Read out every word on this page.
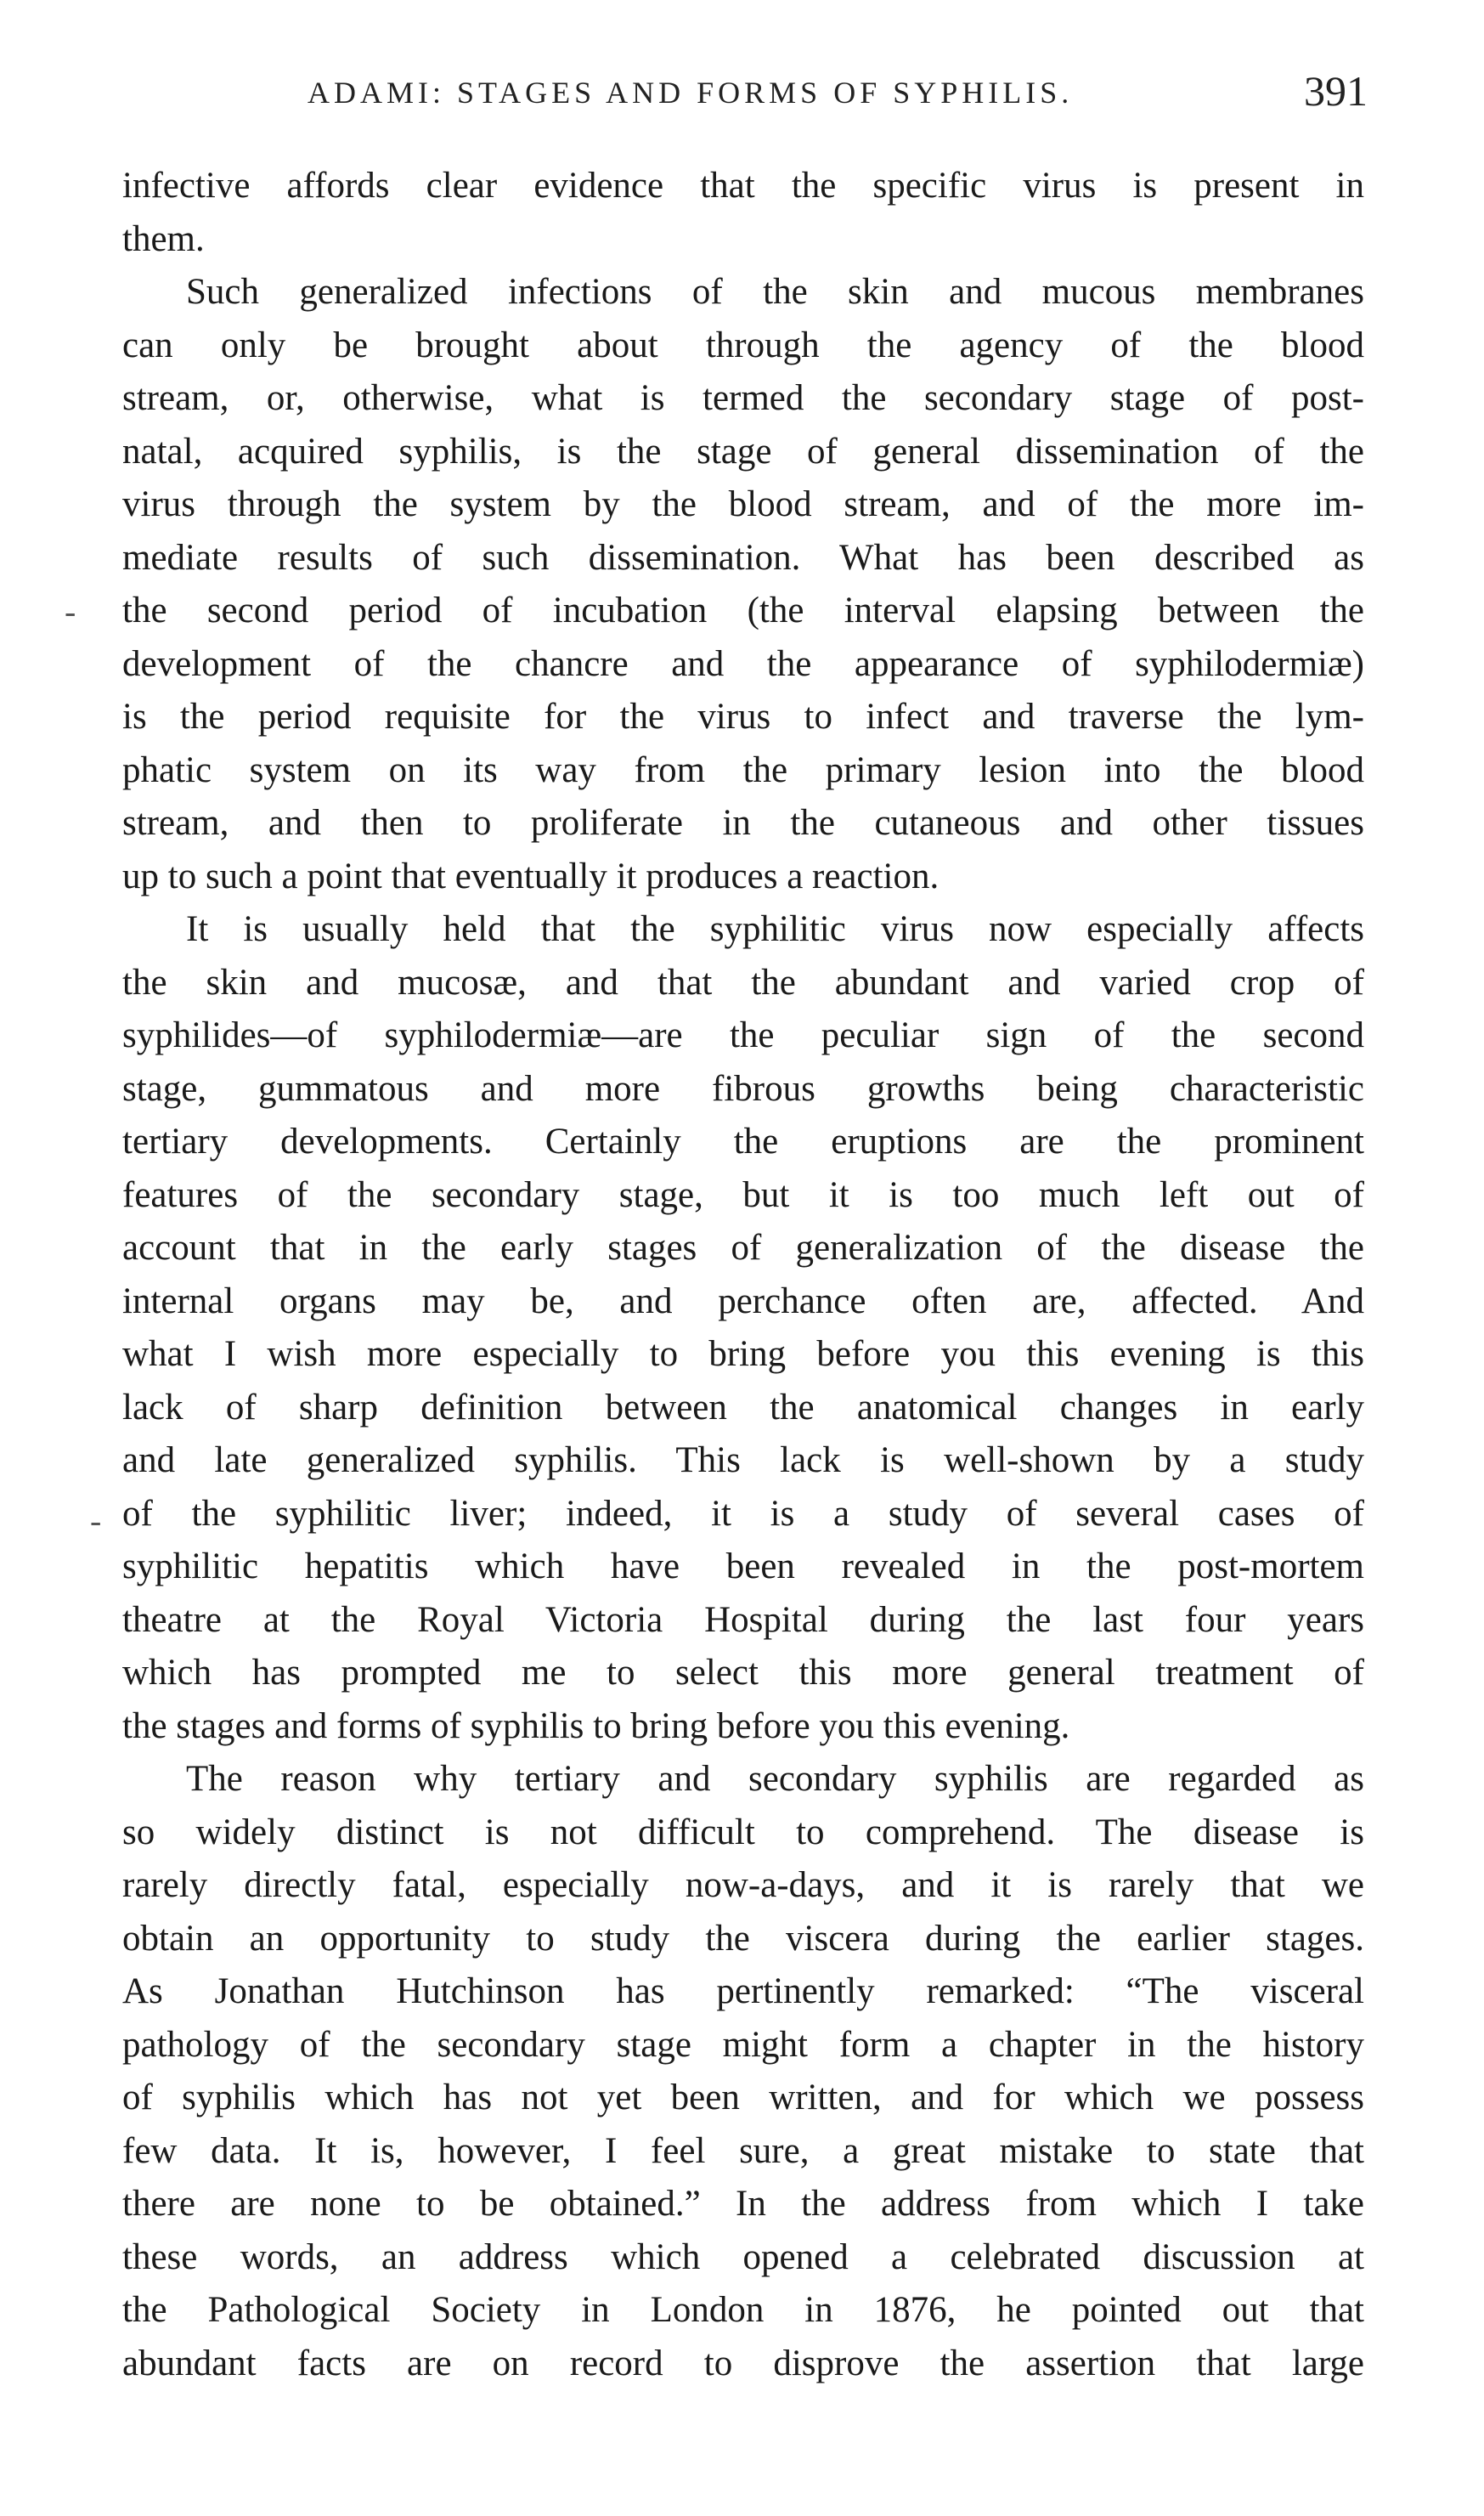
ADAMI: STAGES AND FORMS OF SYPHILIS.	391
-
-
infective affords clear evidence that the specific virus is present in
them.
Such generalized infections of the skin and mucous membranes
can only be brought about through the agency of the blood
stream, or, otherwise, what is termed the secondary stage of post-
natal, acquired syphilis, is the stage of general dissemination of the
virus through the system by the blood stream, and of the more im-
mediate results of such dissemination. What has been described as
the second period of incubation (the interval elapsing between the
development of the chancre and the appearance of syphilodermiæ)
is the period requisite for the virus to infect and traverse the lym-
phatic system on its way from the primary lesion into the blood
stream, and then to proliferate in the cutaneous and other tissues
up to such a point that eventually it produces a reaction.
It is usually held that the syphilitic virus now especially affects
the skin and mucosæ, and that the abundant and varied crop of
syphilides—of syphilodermiæ—are the peculiar sign of the second
stage, gummatous and more fibrous growths being characteristic
tertiary developments. Certainly the eruptions are the prominent
features of the secondary stage, but it is too much left out of
account that in the early stages of generalization of the disease the
internal organs may be, and perchance often are, affected. And
what I wish more especially to bring before you this evening is this
lack of sharp definition between the anatomical changes in early
and late generalized syphilis. This lack is well-shown by a study
of the syphilitic liver; indeed, it is a study of several cases of
syphilitic hepatitis which have been revealed in the post-mortem
theatre at the Royal Victoria Hospital during the last four years
which has prompted me to select this more general treatment of
the stages and forms of syphilis to bring before you this evening.
The reason why tertiary and secondary syphilis are regarded as
so widely distinct is not difficult to comprehend. The disease is
rarely directly fatal, especially now-a-days, and it is rarely that we
obtain an opportunity to study the viscera during the earlier stages.
As Jonathan Hutchinson has pertinently remarked: “The visceral
pathology of the secondary stage might form a chapter in the history
of syphilis which has not yet been written, and for which we possess
few data. It is, however, I feel sure, a great mistake to state that
there are none to be obtained.” In the address from which I take
these words, an address which opened a celebrated discussion at
the Pathological Society in London in 1876, he pointed out that
abundant facts are on record to disprove the assertion that large
